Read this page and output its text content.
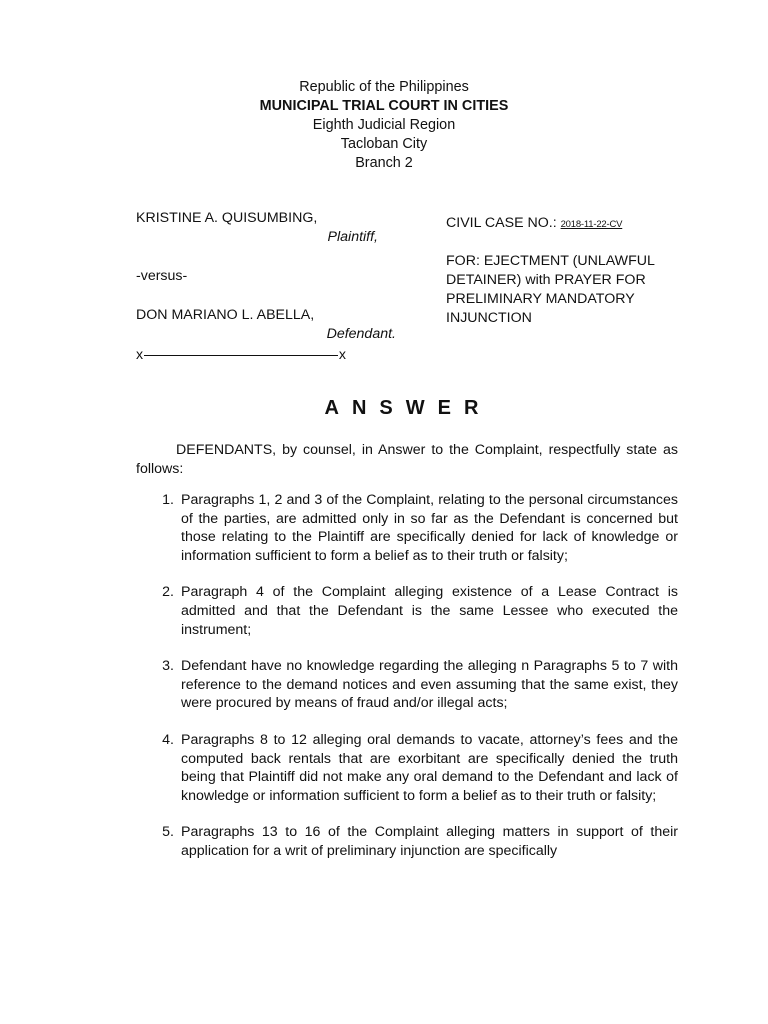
Republic of the Philippines
MUNICIPAL TRIAL COURT IN CITIES
Eighth Judicial Region
Tacloban City
Branch 2
KRISTINE A. QUISUMBING,
Plaintiff,
-versus-
DON MARIANO L. ABELLA,
Defendant.
x	x
CIVIL CASE NO.: 2018-11-22-CV
FOR: EJECTMENT (UNLAWFUL
DETAINER) with PRAYER FOR
PRELIMINARY MANDATORY
INJUNCTION
ANSWER
DEFENDANTS, by counsel, in Answer to the Complaint, respectfully state as follows:
1. Paragraphs 1, 2 and 3 of the Complaint, relating to the personal circumstances of the parties, are admitted only in so far as the Defendant is concerned but those relating to the Plaintiff are specifically denied for lack of knowledge or information sufficient to form a belief as to their truth or falsity;
2. Paragraph 4 of the Complaint alleging existence of a Lease Contract is admitted and that the Defendant is the same Lessee who executed the instrument;
3. Defendant have no knowledge regarding the alleging n Paragraphs 5 to 7 with reference to the demand notices and even assuming that the same exist, they were procured by means of fraud and/or illegal acts;
4. Paragraphs 8 to 12 alleging oral demands to vacate, attorney’s fees and the computed back rentals that are exorbitant are specifically denied the truth being that Plaintiff did not make any oral demand to the Defendant and lack of knowledge or information sufficient to form a belief as to their truth or falsity;
5. Paragraphs 13 to 16 of the Complaint alleging matters in support of their application for a writ of preliminary injunction are specifically
